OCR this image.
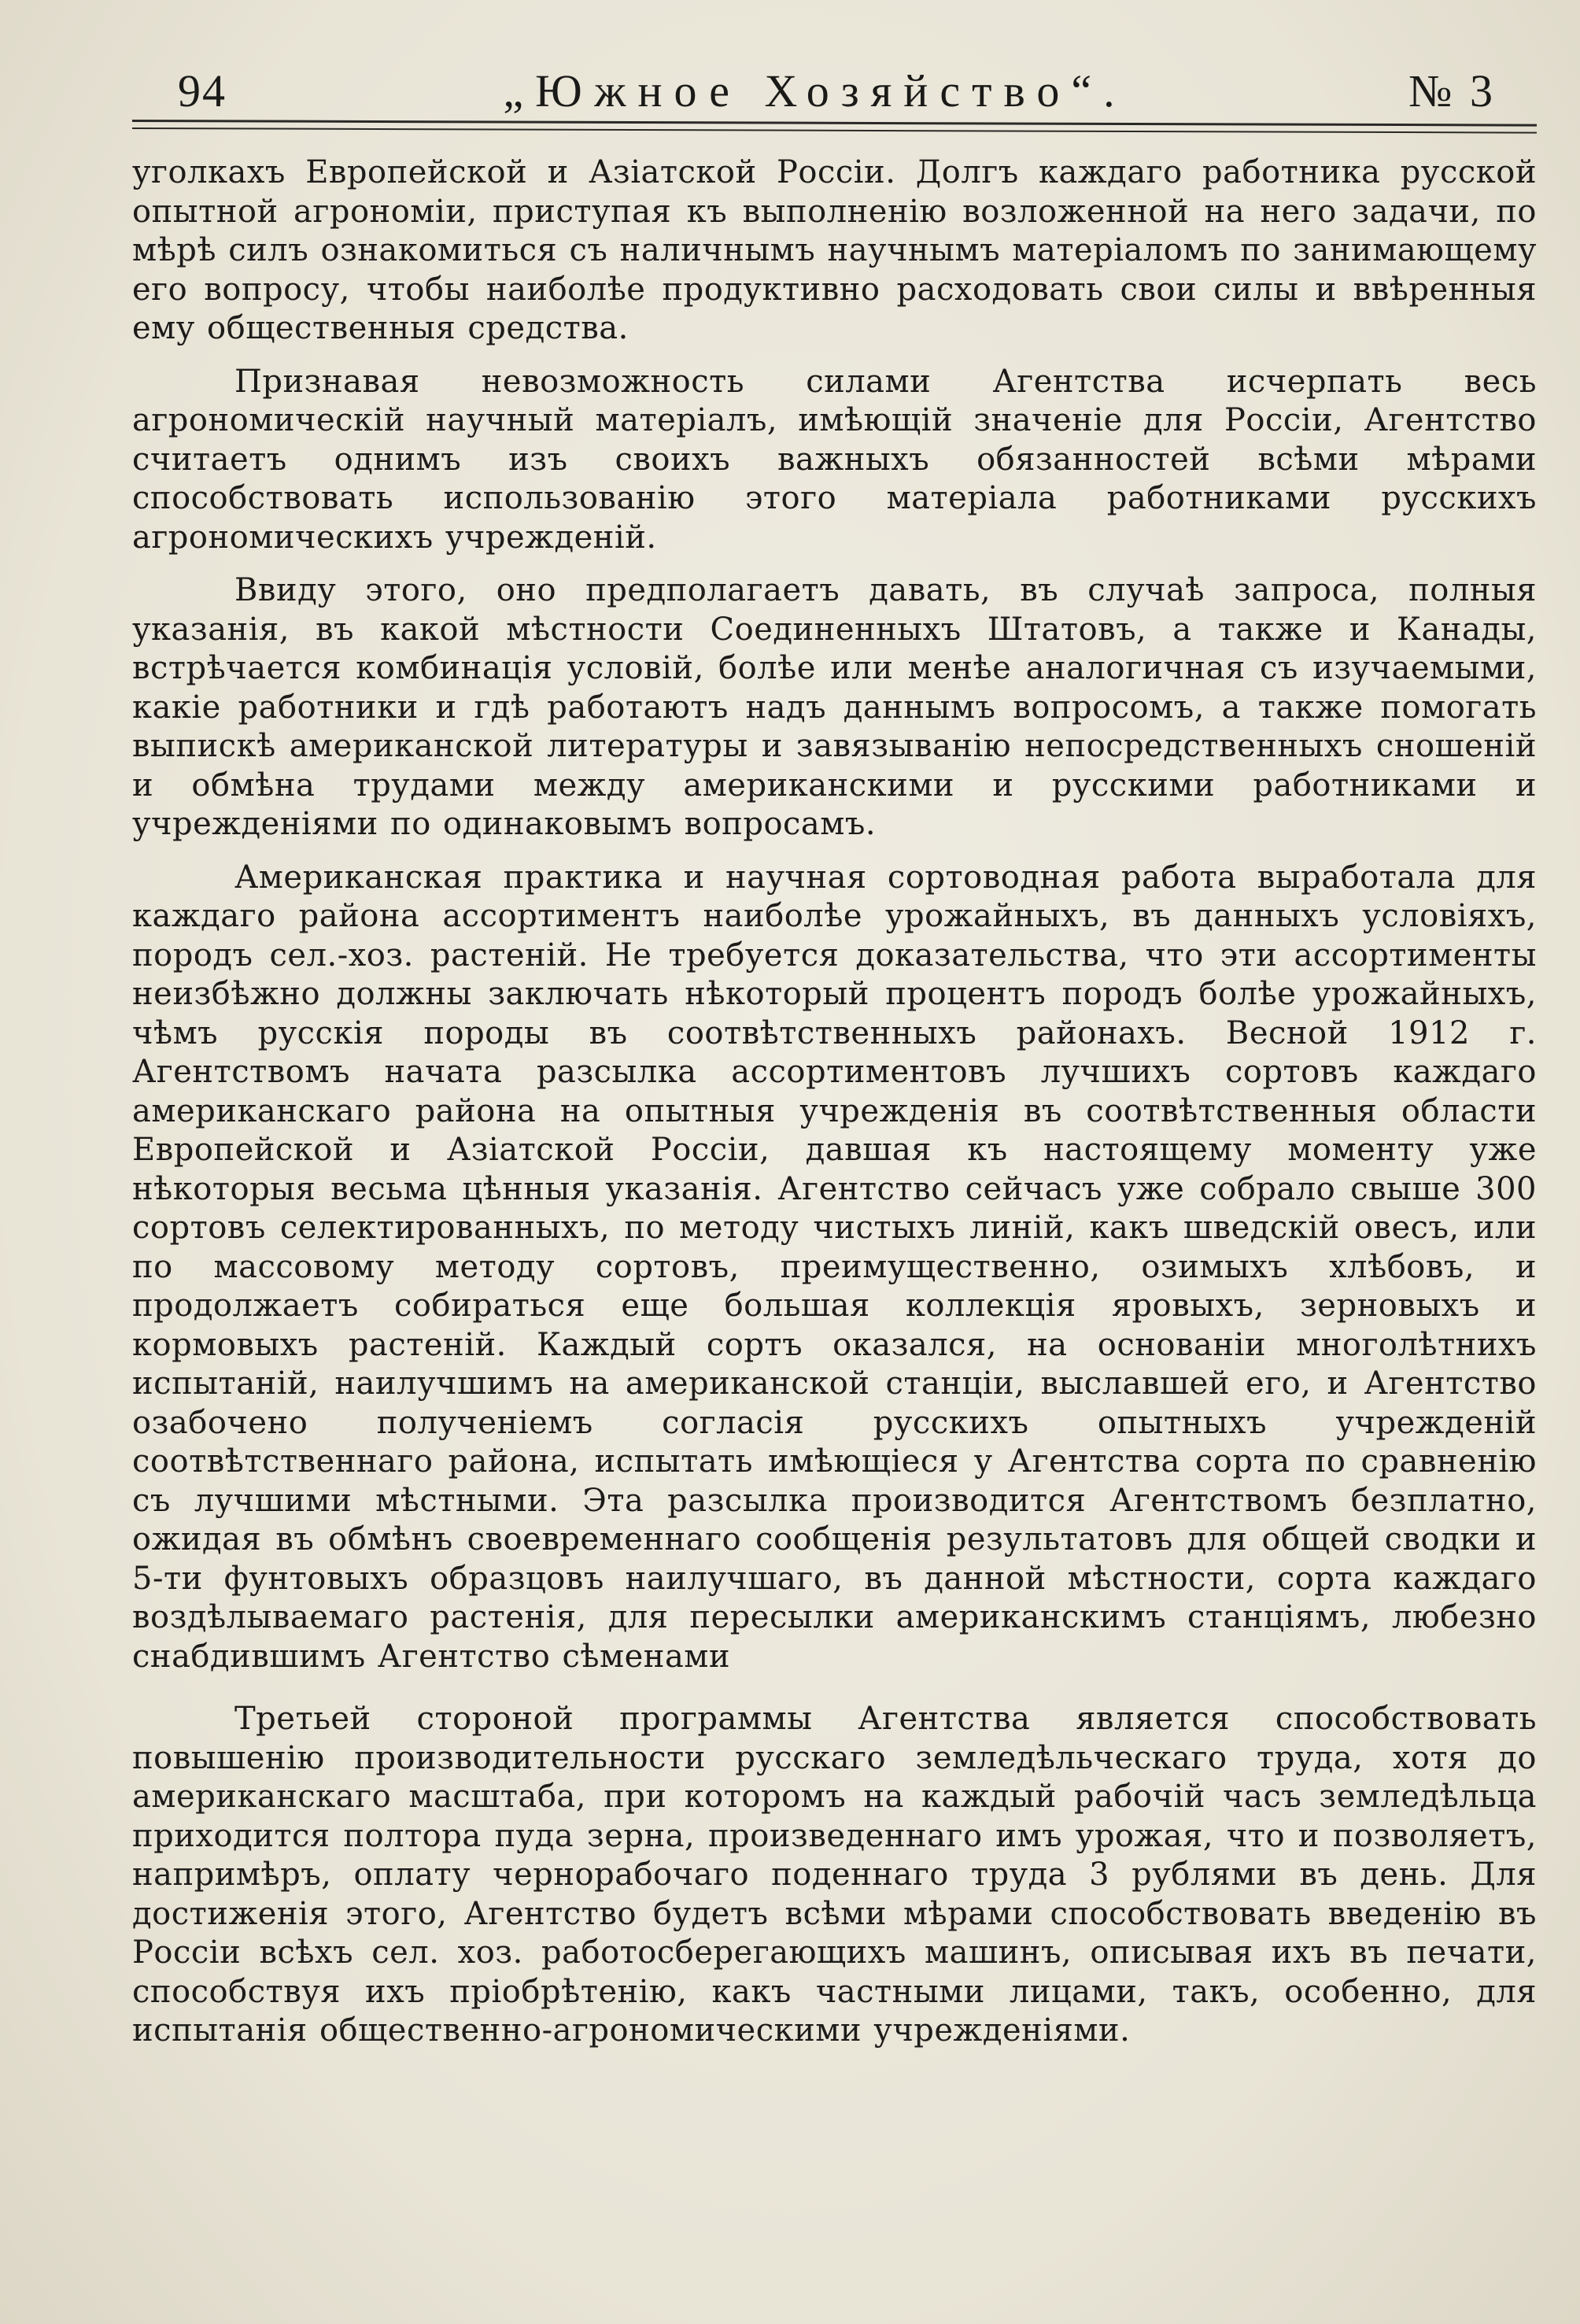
94	„Южное Хозяйство“.	№ 3

уголкахъ Европейской и Азіатской Россіи. Долгъ каждаго работника русской опытной агрономіи, приступая къ выполненію возложенной на него задачи, по мѣрѣ силъ ознакомиться съ наличнымъ научнымъ матеріаломъ по занимающему его вопросу, чтобы наиболѣе продуктивно расходовать свои силы и ввѣренныя ему общественныя средства.

Признавая невозможность силами Агентства исчерпать весь агрономическій научный матеріалъ, имѣющій значеніе для Россіи, Агентство считаетъ однимъ изъ своихъ важныхъ обязанностей всѣми мѣрами способствовать использованію этого матеріала работниками русскихъ агрономическихъ учрежденій.

Ввиду этого, оно предполагаетъ давать, въ случаѣ запроса, полныя указанія, въ какой мѣстности Соединенныхъ Штатовъ, а также и Канады, встрѣчается комбинація условій, болѣе или менѣе аналогичная съ изучаемыми, какіе работники и гдѣ работаютъ надъ даннымъ вопросомъ, а также помогать выпискѣ американской литературы и завязыванію непосредственныхъ сношеній и обмѣна трудами между американскими и русскими работниками и учрежденіями по одинаковымъ вопросамъ.

Американская практика и научная сортоводная работа выработала для каждаго района ассортиментъ наиболѣе урожайныхъ, въ данныхъ условіяхъ, породъ сел.-хоз. растеній. Не требуется доказательства, что эти ассортименты неизбѣжно должны заключать нѣкоторый процентъ породъ болѣе урожайныхъ, чѣмъ русскія породы въ соотвѣтственныхъ районахъ. Весной 1912 г. Агентствомъ начата разсылка ассортиментовъ лучшихъ сортовъ каждаго американскаго района на опытныя учрежденія въ соотвѣтственныя области Европейской и Азіатской Россіи, давшая къ настоящему моменту уже нѣкоторыя весьма цѣнныя указанія. Агентство сейчасъ уже собрало свыше 300 сортовъ селектированныхъ, по методу чистыхъ линій, какъ шведскій овесъ, или по массовому методу сортовъ, преимущественно, озимыхъ хлѣбовъ, и продолжаетъ собираться еще большая коллекція яровыхъ, зерновыхъ и кормовыхъ растеній. Каждый сортъ оказался, на основаніи многолѣтнихъ испытаній, наилучшимъ на американской станціи, выславшей его, и Агентство озабочено полученіемъ согласія русскихъ опытныхъ учрежденій соотвѣтственнаго района, испытать имѣющіеся у Агентства сорта по сравненію съ лучшими мѣстными. Эта разсылка производится Агентствомъ безплатно, ожидая въ обмѣнъ своевременнаго сообщенія результатовъ для общей сводки и 5-ти фунтовыхъ образцовъ наилучшаго, въ данной мѣстности, сорта каждаго воздѣлываемаго растенія, для пересылки американскимъ станціямъ, любезно снабдившимъ Агентство сѣменами

Третьей стороной программы Агентства является способствовать повышенію производительности русскаго земледѣльческаго труда, хотя до американскаго масштаба, при которомъ на каждый рабочій часъ земледѣльца приходится полтора пуда зерна, произведеннаго имъ урожая, что и позволяетъ, напримѣръ, оплату чернорабочаго поденнаго труда 3 рублями въ день. Для достиженія этого, Агентство будетъ всѣми мѣрами способствовать введенію въ Россіи всѣхъ сел. хоз. работосберегающихъ машинъ, описывая ихъ въ печати, способствуя ихъ пріобрѣтенію, какъ частными лицами, такъ, особенно, для испытанія общественно-агрономическими учрежденіями.
